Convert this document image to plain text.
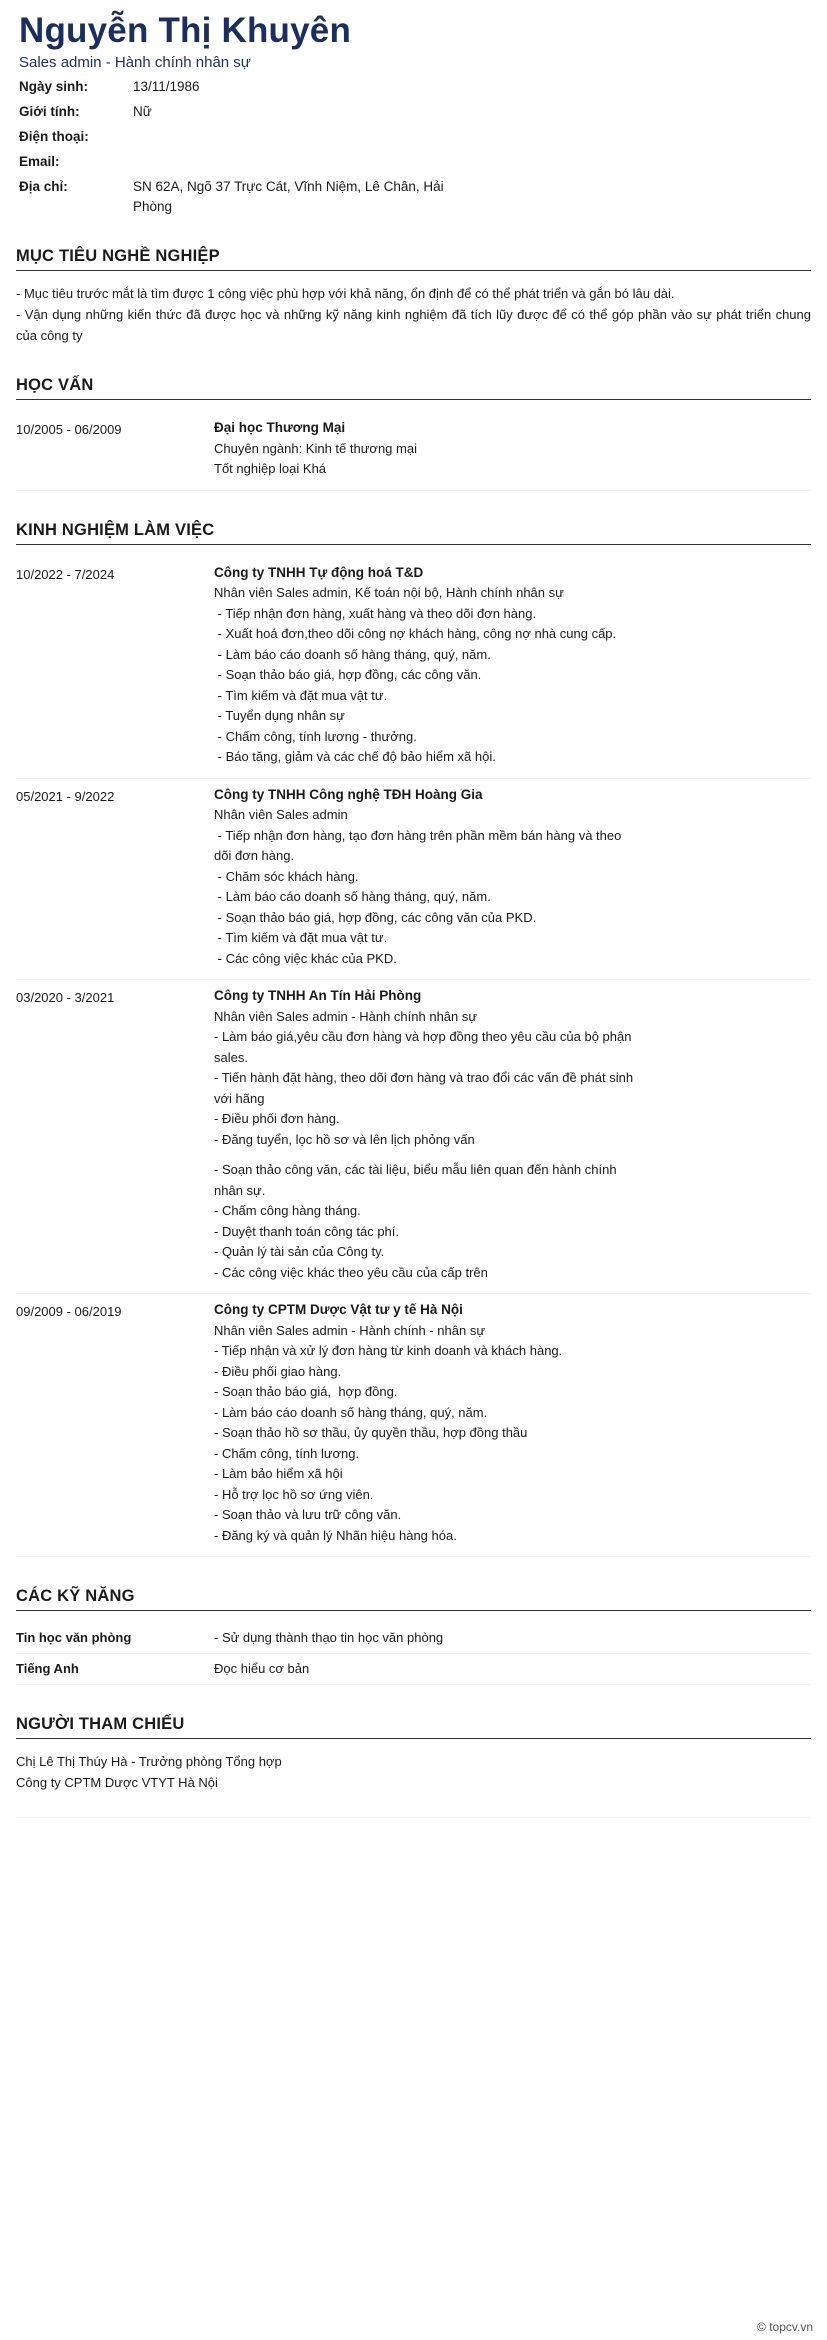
Nguyễn Thị Khuyên
Sales admin - Hành chính nhân sự
Ngày sinh:	13/11/1986
Giới tính:	Nữ
Điện thoại:
Email:
Địa chỉ:	SN 62A, Ngõ 37 Trực Cát, Vĩnh Niệm, Lê Chân, Hải Phòng
MỤC TIÊU NGHỀ NGHIỆP
- Mục tiêu trước mắt là tìm được 1 công việc phù hợp với khả năng, ổn định để có thể phát triển và gắn bó lâu dài.
- Vận dụng những kiến thức đã được học và những kỹ năng kinh nghiệm đã tích lũy được để có thể góp phần vào sự phát triển chung của công ty
HỌC VẤN
10/2005 - 06/2009	Đại học Thương Mại
Chuyên ngành: Kinh tế thương mại
Tốt nghiệp loại Khá
KINH NGHIỆM LÀM VIỆC
10/2022 - 7/2024	Công ty TNHH Tự động hoá T&D
Nhân viên Sales admin, Kế toán nội bộ, Hành chính nhân sự
- Tiếp nhận đơn hàng, xuất hàng và theo dõi đơn hàng.
- Xuất hoá đơn,theo dõi công nợ khách hàng, công nợ nhà cung cấp.
- Làm báo cáo doanh số hàng tháng, quý, năm.
- Soạn thảo báo giá, hợp đồng, các công văn.
- Tìm kiếm và đặt mua vật tư.
- Tuyển dụng nhân sự
- Chấm công, tính lương - thưởng.
- Báo tăng, giảm và các chế độ bảo hiểm xã hội.
05/2021 - 9/2022	Công ty TNHH Công nghệ TĐH Hoàng Gia
Nhân viên Sales admin
- Tiếp nhận đơn hàng, tạo đơn hàng trên phần mềm bán hàng và theo dõi đơn hàng.
- Chăm sóc khách hàng.
- Làm báo cáo doanh số hàng tháng, quý, năm.
- Soạn thảo báo giá, hợp đồng, các công văn của PKD.
- Tìm kiếm và đặt mua vật tư.
- Các công việc khác của PKD.
03/2020 - 3/2021	Công ty TNHH An Tín Hải Phòng
Nhân viên Sales admin - Hành chính nhân sự
- Làm báo giá,yêu cầu đơn hàng và hợp đồng theo yêu cầu của bộ phận sales.
- Tiến hành đặt hàng, theo dõi đơn hàng và trao đổi các vấn đề phát sinh với hãng
- Điều phối đơn hàng.
- Đăng tuyển, lọc hồ sơ và lên lịch phỏng vấn
- Soạn thảo công văn, các tài liệu, biểu mẫu liên quan đến hành chính nhân sự.
- Chấm công hàng tháng.
- Duyệt thanh toán công tác phí.
- Quản lý tài sản của Công ty.
- Các công việc khác theo yêu cầu của cấp trên
09/2009 - 06/2019	Công ty CPTM Dược Vật tư y tế Hà Nội
Nhân viên Sales admin - Hành chính - nhân sự
- Tiếp nhận và xử lý đơn hàng từ kinh doanh và khách hàng.
- Điều phối giao hàng.
- Soạn thảo báo giá,  hợp đồng.
- Làm báo cáo doanh số hàng tháng, quý, năm.
- Soạn thảo hồ sơ thầu, ủy quyền thầu, hợp đồng thầu
- Chấm công, tính lương.
- Làm bảo hiểm xã hội
- Hỗ trợ lọc hồ sơ ứng viên.
- Soạn thảo và lưu trữ công văn.
- Đăng ký và quản lý Nhãn hiệu hàng hóa.
CÁC KỸ NĂNG
Tin học văn phòng	- Sử dụng thành thạo tin học văn phòng
Tiếng Anh	Đọc hiểu cơ bản
NGƯỜI THAM CHIẾU
Chị Lê Thị Thúy Hà - Trưởng phòng Tổng hợp
Công ty CPTM Dược VTYT Hà Nội
© topcv.vn
